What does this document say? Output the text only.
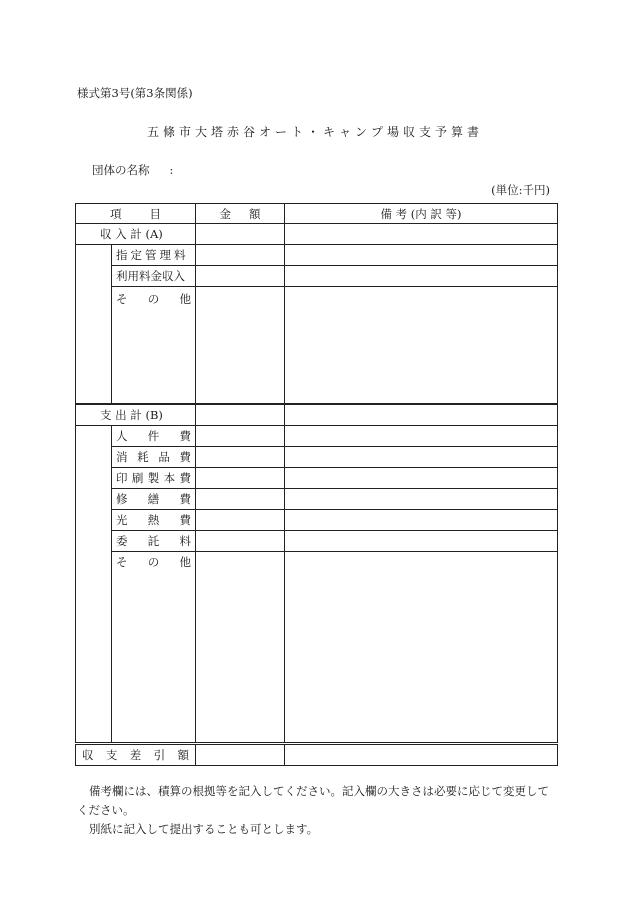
様式第3号(第3条関係)
五條市大塔赤谷オート・キャンプ場収支予算書
団体の名称 :
(単位:千円)
項 目		金 額	備 考 (内 訳 等)
収 入 計 (A)			
	指定管理料		
	利用料金収入		

	そ の 他		

支 出 計 (B)			

	人 件 費		

	消 耗 品 費		

	印 刷 製 本 費		

	修 繕 費		

	光 熱 費		

	委 託 料		

	そ の 他		

収 支 差 引 額			

備考欄には、積算の根拠等を記入してください。記入欄の大きさは必要に応じて変更してください。

別紙に記入して提出することも可とします。
